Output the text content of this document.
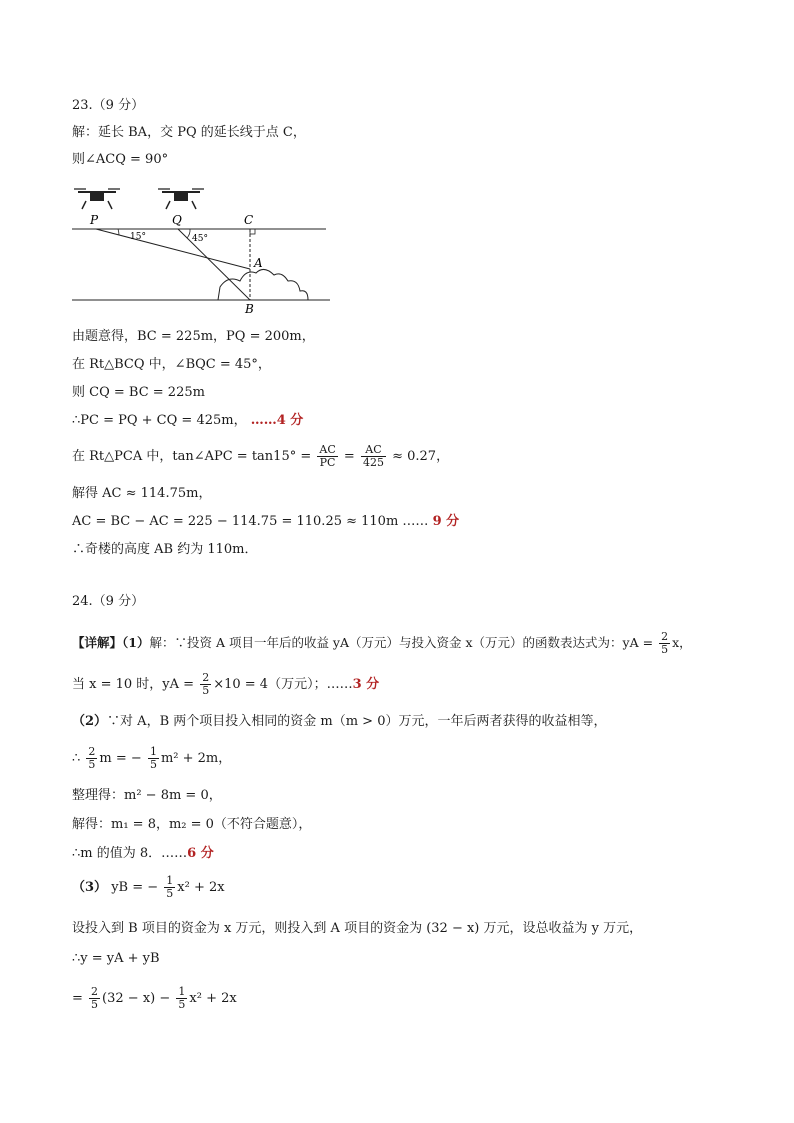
23.（9 分）
解：延长 BA，交 PQ 的延长线于点 C，
则∠ACQ = 90°
P	Q	C
A
B
15°	45°
由题意得，BC = 225m，PQ = 200m，
在 Rt△BCQ 中，∠BQC = 45°，
则 CQ = BC = 225m
∴PC = PQ + CQ = 425m， ……4 分
在 Rt△PCA 中，tan∠APC = $\tan 15^\circ = \frac{AC}{PC} = \frac{AC}{425} \approx 0.27$，
解得 AC ≈ 114.75m，
AC = BC − AC = 225 − 114.75 = 110.25 ≈ 110m …… 9 分
∴奇楼的高度 AB 约为 110m．
24.（9 分）
【详解】（1）解：∵投资 A 项目一年后的收益 yA（万元）与投入资金 x（万元）的函数表达式为：yA = $\frac{2}{5}$ x，
当 x = 10 时，yA = $\frac{2}{5} \times 10 = 4$（万元）；……3 分
（2）∵对 A，B 两个项目投入相同的资金 m（m > 0）万元，一年后两者获得的收益相等，
∴ $\frac{2}{5}$ m = − $\frac{1}{5} m^2 + 2m$，
整理得：m² − 8m = 0，
解得：m₁ = 8，m₂ = 0（不符合题意），
∴m 的值为 8．……6 分
（3） yB = − $\frac{1}{5} x^2 + 2x$
设投入到 B 项目的资金为 x 万元，则投入到 A 项目的资金为 (32 − x) 万元，设总收益为 y 万元，
∴y = yA + yB
= $\frac{2}{5} (32 - x) - \frac{1}{5} x^2 + 2x$
